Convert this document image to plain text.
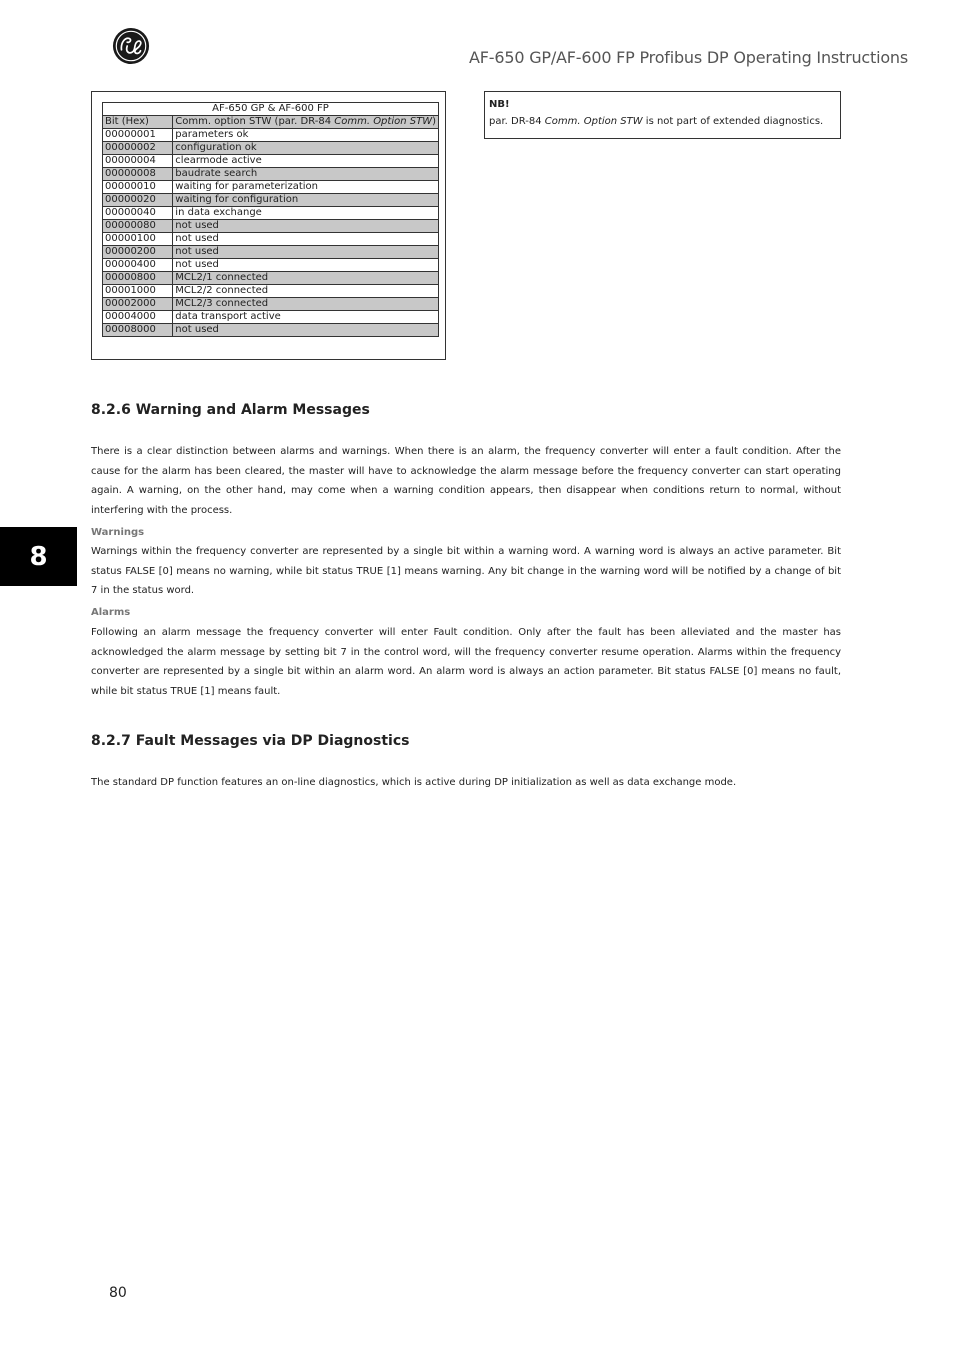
AF-650 GP/AF-600 FP Profibus DP Operating Instructions
AF-650 GP & AF-600 FP	
Bit (Hex)	Comm. option STW (par. DR-84 Comm. Option STW)
00000001	parameters ok
00000002	configuration ok
00000004	clearmode active
00000008	baudrate search
00000010	waiting for parameterization
00000020	waiting for configuration
00000040	in data exchange
00000080	not used
00000100	not used
00000200	not used
00000400	not used
00000800	MCL2/1 connected
00001000	MCL2/2 connected
00002000	MCL2/3 connected
00004000	data transport active
00008000	not used
NB!
par. DR-84 Comm. Option STW is not part of extended diagnostics.
8
8.2.6 Warning and Alarm Messages

There is a clear distinction between alarms and warnings. When there is an alarm, the frequency converter will enter a fault condition. After the cause for the alarm has been cleared, the master will have to acknowledge the alarm message before the frequency converter can start operating again. A warning, on the other hand, may come when a warning condition appears, then disappear when conditions return to normal, without interfering with the process.

Warnings

Warnings within the frequency converter are represented by a single bit within a warning word. A warning word is always an active parameter. Bit status FALSE [0] means no warning, while bit status TRUE [1] means warning. Any bit change in the warning word will be notified by a change of bit 7 in the status word.

Alarms

Following an alarm message the frequency converter will enter Fault condition. Only after the fault has been alleviated and the master has acknowledged the alarm message by setting bit 7 in the control word, will the frequency converter resume operation. Alarms within the frequency converter are represented by a single bit within an alarm word. An alarm word is always an action parameter. Bit status FALSE [0] means no fault, while bit status TRUE [1] means fault.

8.2.7 Fault Messages via DP Diagnostics

The standard DP function features an on-line diagnostics, which is active during DP initialization as well as data exchange mode.

80
